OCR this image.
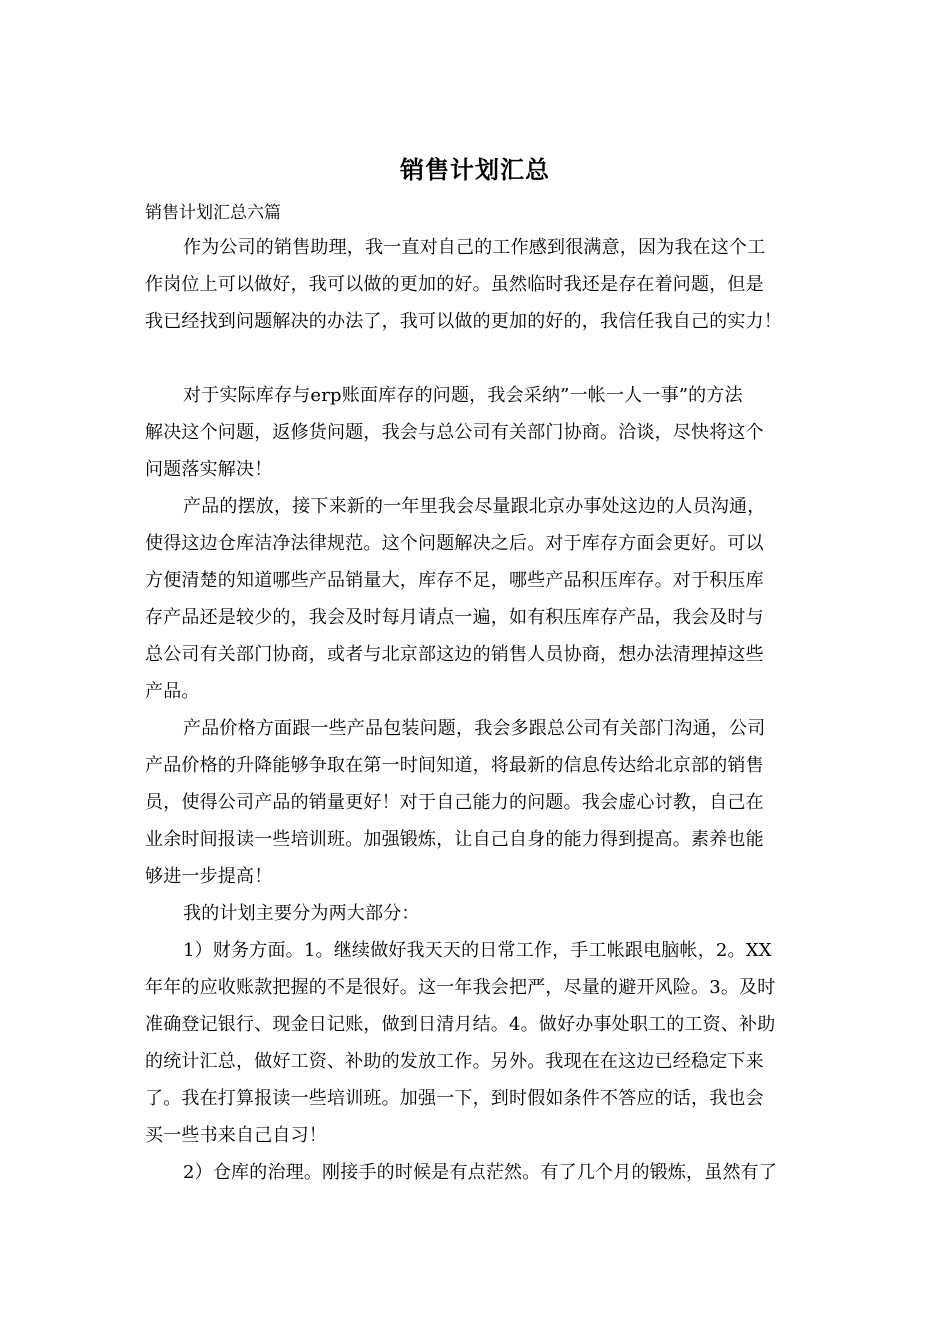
销售计划汇总
销售计划汇总六篇
作为公司的销售助理，我一直对自己的工作感到很满意，因为我在这个工
作岗位上可以做好，我可以做的更加的好。虽然临时我还是存在着问题，但是
我已经找到问题解决的办法了，我可以做的更加的好的，我信任我自己的实力！
对于实际库存与erp账面库存的问题，我会采纳”一帐一人一事”的方法
解决这个问题，返修货问题，我会与总公司有关部门协商。洽谈，尽快将这个
问题落实解决！
产品的摆放，接下来新的一年里我会尽量跟北京办事处这边的人员沟通，
使得这边仓库洁净法律规范。这个问题解决之后。对于库存方面会更好。可以
方便清楚的知道哪些产品销量大，库存不足，哪些产品积压库存。对于积压库
存产品还是较少的，我会及时每月请点一遍，如有积压库存产品，我会及时与
总公司有关部门协商，或者与北京部这边的销售人员协商，想办法清理掉这些
产品。
产品价格方面跟一些产品包装问题，我会多跟总公司有关部门沟通，公司
产品价格的升降能够争取在第一时间知道，将最新的信息传达给北京部的销售
员，使得公司产品的销量更好！对于自己能力的问题。我会虚心讨教，自己在
业余时间报读一些培训班。加强锻炼，让自己自身的能力得到提高。素养也能
够进一步提高！
我的计划主要分为两大部分：
1）财务方面。1。继续做好我天天的日常工作，手工帐跟电脑帐，2。XX
年年的应收账款把握的不是很好。这一年我会把严，尽量的避开风险。3。及时
准确登记银行、现金日记账，做到日清月结。4。做好办事处职工的工资、补助
的统计汇总，做好工资、补助的发放工作。另外。我现在在这边已经稳定下来
了。我在打算报读一些培训班。加强一下，到时假如条件不答应的话，我也会
买一些书来自己自习！
2）仓库的治理。刚接手的时候是有点茫然。有了几个月的锻炼，虽然有了
